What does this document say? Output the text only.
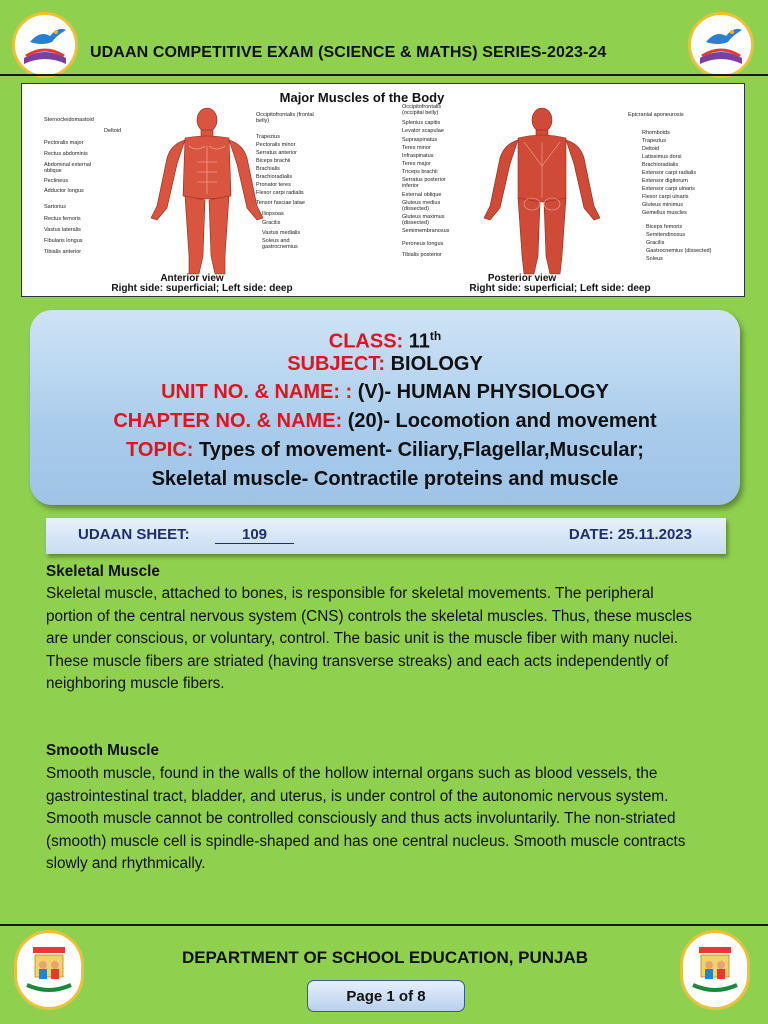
UDAAN COMPETITIVE EXAM (SCIENCE & MATHS) SERIES-2023-24
Major Muscles of the Body
Sternocleidomastoid
Deltoid
Pectoralis major
Rectus abdominis
Abdominal external oblique
Pectineus
Adductor longus
Sartorius
Rectus femoris
Vastus lateralis
Fibularis longus
Tibialis anterior
Occipitofrontalis (frontal belly)
Trapezius
Pectoralis minor
Serratus anterior
Biceps brachii
Brachialis
Brachioradialis
Pronator teres
Flexor carpi radialis
Tensor fasciae latae
Iliopsoas
Gracilis
Vastus medialis
Soleus and gastrocnemius
Occipitofrontalis (occipital belly)
Splenius capitis
Levator scapulae
Supraspinatus
Teres minor
Infraspinatus
Teres major
Triceps brachii
Serratus posterior inferior
External oblique
Gluteus medius (dissected)
Gluteus maximus (dissected)
Semimembranosus
Peroneus longus
Tibialis posterior
Epicranial aponeurosis
Rhomboids
Trapezius
Deltoid
Latissimus dorsi
Brachioradialis
Extensor carpi radialis
Extensor digitorum
Extensor carpi ulnaris
Flexor carpi ulnaris
Gluteus minimus
Gemellus muscles
Biceps femoris
Semitendinosus
Gracilis
Gastrocnemius (dissected)
Soleus
Anterior view
Right side: superficial; Left side: deep
Posterior view
Right side: superficial; Left side: deep
CLASS: 11th
SUBJECT: BIOLOGY
UNIT NO. & NAME: : (V)- HUMAN PHYSIOLOGY
CHAPTER NO. & NAME: (20)- Locomotion and movement
TOPIC: Types of movement- Ciliary,Flagellar,Muscular;
Skeletal muscle- Contractile proteins and muscle
UDAAN SHEET:	109	DATE: 25.11.2023
Skeletal Muscle
Skeletal muscle, attached to bones, is responsible for skeletal movements. The peripheral portion of the central nervous system (CNS) controls the skeletal muscles. Thus, these muscles are under conscious, or voluntary, control. The basic unit is the muscle fiber with many nuclei. These muscle fibers are striated (having transverse streaks) and each acts independently of neighboring muscle fibers.
Smooth Muscle
Smooth muscle, found in the walls of the hollow internal organs such as blood vessels, the gastrointestinal tract, bladder, and uterus, is under control of the autonomic nervous system. Smooth muscle cannot be controlled consciously and thus acts involuntarily. The non-striated (smooth) muscle cell is spindle-shaped and has one central nucleus. Smooth muscle contracts slowly and rhythmically.
DEPARTMENT OF SCHOOL EDUCATION, PUNJAB
Page 1 of 8
